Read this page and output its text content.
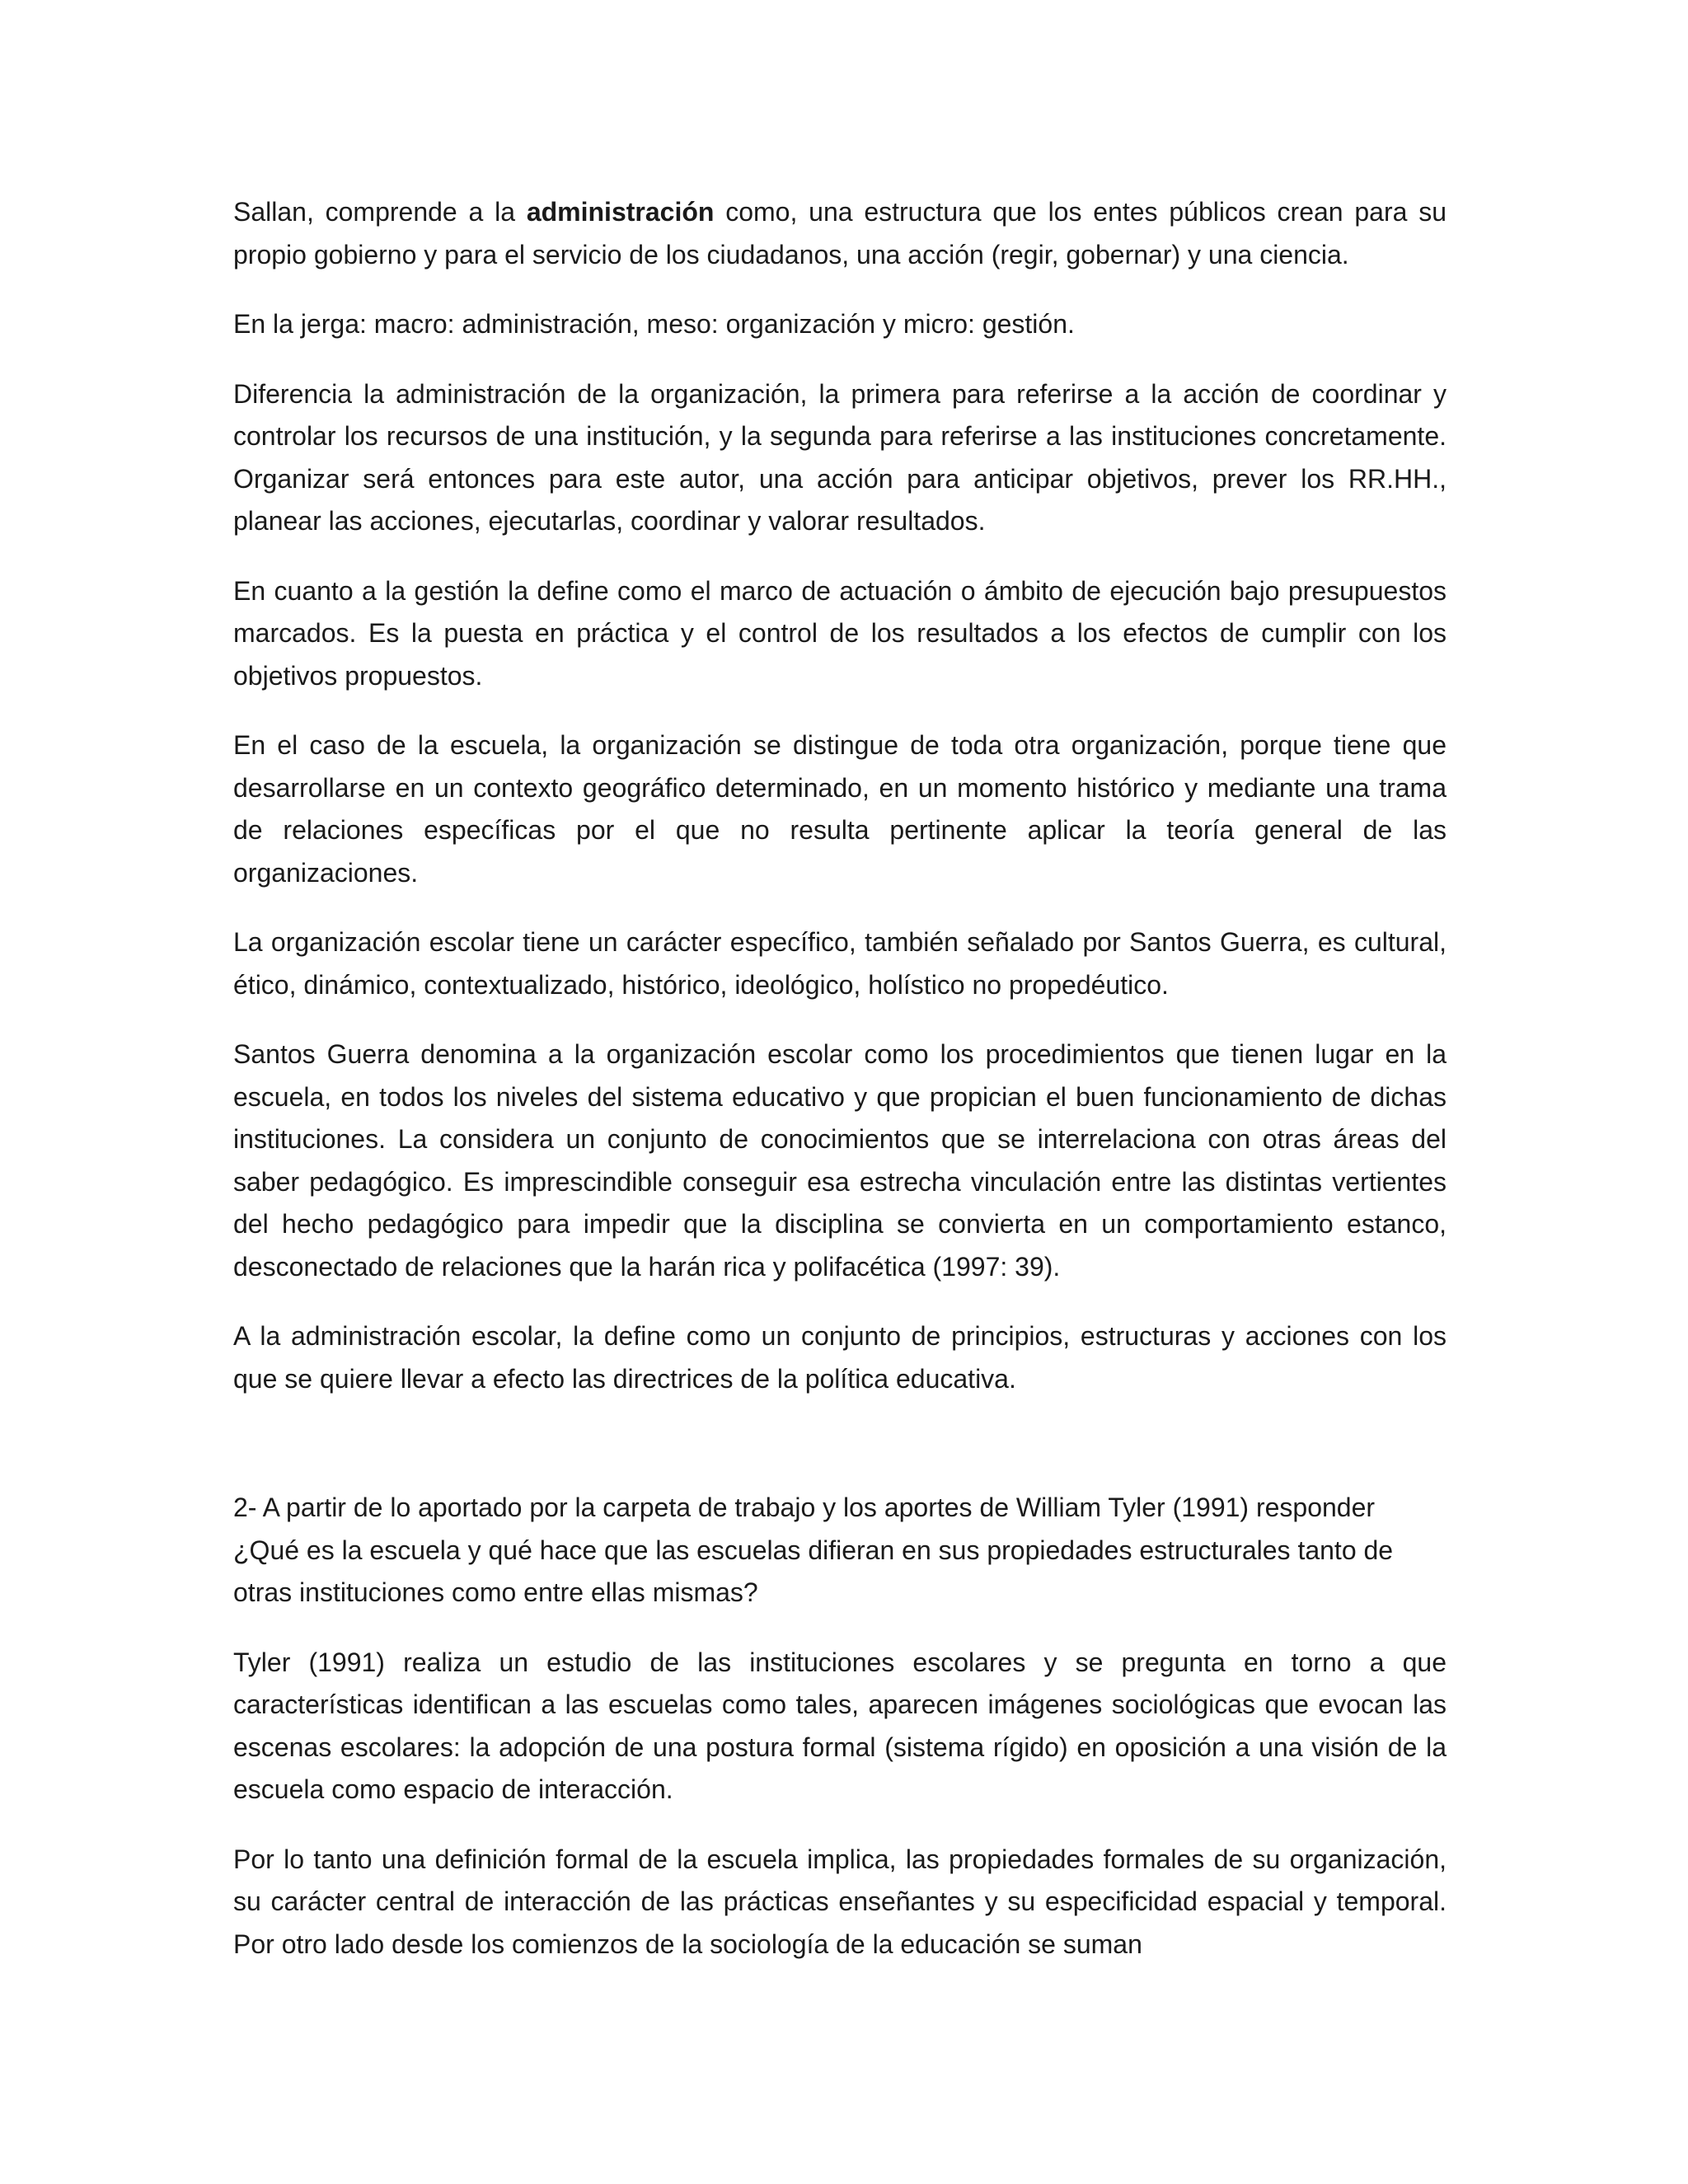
Sallan, comprende a la administración como, una estructura que los entes públicos crean para su propio gobierno y para el servicio de los ciudadanos, una acción (regir, gobernar) y una ciencia.

En la jerga: macro: administración, meso: organización y micro: gestión.

Diferencia la administración de la organización, la primera para referirse a la acción de coordinar y controlar los recursos de una institución, y la segunda para referirse a las instituciones concretamente. Organizar será entonces para este autor, una acción para anticipar objetivos, prever los RR.HH., planear las acciones, ejecutarlas, coordinar y valorar resultados.

En cuanto a la gestión la define como el marco de actuación o ámbito de ejecución bajo presupuestos marcados. Es la puesta en práctica y el control de los resultados a los efectos de cumplir con los objetivos propuestos.

En el caso de la escuela, la organización se distingue de toda otra organización, porque tiene que desarrollarse en un contexto geográfico determinado, en un momento histórico y mediante una trama de relaciones específicas por el que no resulta pertinente aplicar la teoría general de las organizaciones.

La organización escolar tiene un carácter específico, también señalado por Santos Guerra, es cultural, ético, dinámico, contextualizado, histórico, ideológico, holístico no propedéutico.

Santos Guerra denomina a la organización escolar como los procedimientos que tienen lugar en la escuela, en todos los niveles del sistema educativo y que propician el buen funcionamiento de dichas instituciones. La considera un conjunto de conocimientos que se interrelaciona con otras áreas del saber pedagógico. Es imprescindible conseguir esa estrecha vinculación entre las distintas vertientes del hecho pedagógico para impedir que la disciplina se convierta en un comportamiento estanco, desconectado de relaciones que la harán rica y polifacética (1997: 39).

A la administración escolar, la define como un conjunto de principios, estructuras y acciones con los que se quiere llevar a efecto las directrices de la política educativa.

2- A partir de lo aportado por la carpeta de trabajo y los aportes de William Tyler (1991) responder ¿Qué es la escuela y qué hace que las escuelas difieran en sus propiedades estructurales tanto de otras instituciones como entre ellas mismas?

Tyler (1991) realiza un estudio de las instituciones escolares y se pregunta en torno a que características identifican a las escuelas como tales, aparecen imágenes sociológicas que evocan las escenas escolares: la adopción de una postura formal (sistema rígido) en oposición a una visión de la escuela como espacio de interacción.

Por lo tanto una definición formal de la escuela implica, las propiedades formales de su organización, su carácter central de interacción de las prácticas enseñantes y su especificidad espacial y temporal. Por otro lado desde los comienzos de la sociología de la educación se suman
